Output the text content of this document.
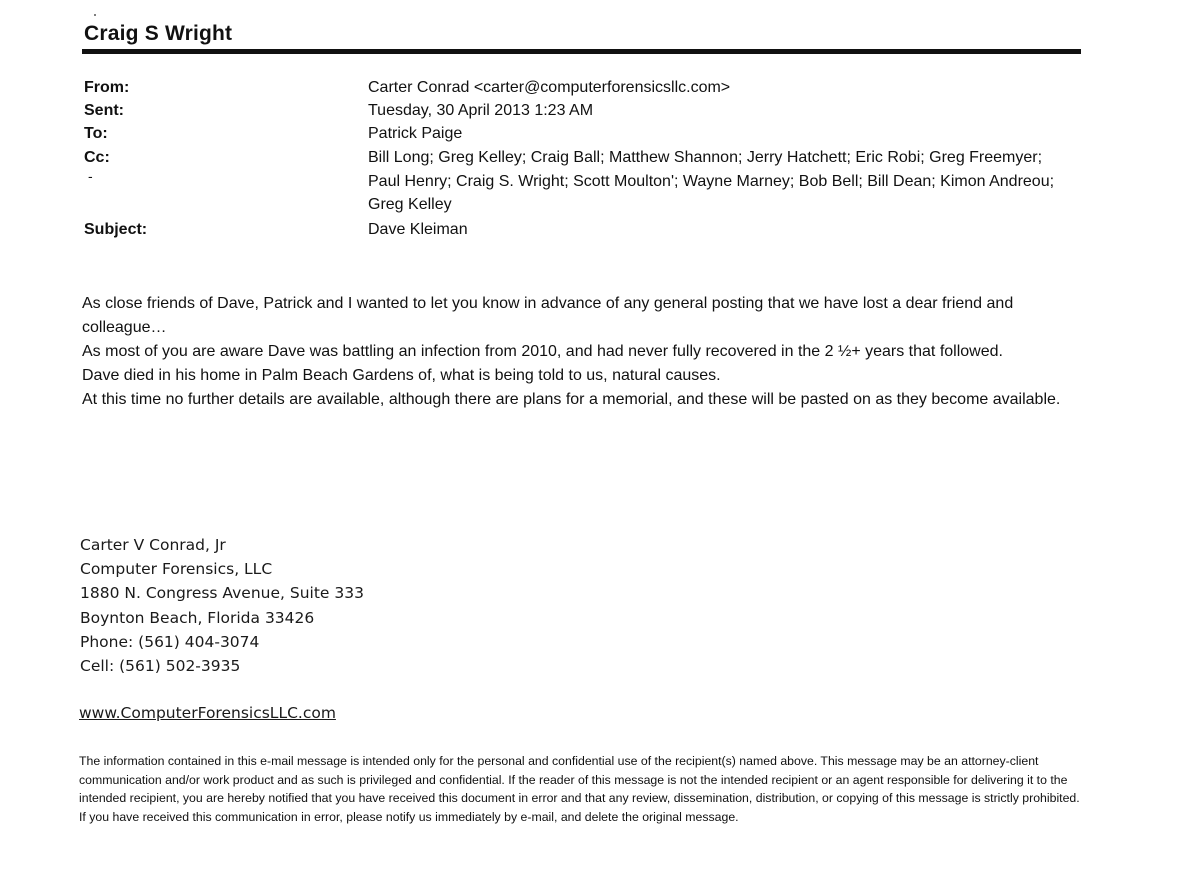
Craig S Wright
From:	Carter Conrad <carter@computerforensicsllc.com>
Sent:	Tuesday, 30 April 2013 1:23 AM
To:	Patrick Paige
Cc:	Bill Long; Greg Kelley; Craig Ball; Matthew Shannon; Jerry Hatchett; Eric Robi; Greg Freemyer; Paul Henry; Craig S. Wright; Scott Moulton'; Wayne Marney; Bob Bell; Bill Dean; Kimon Andreou; Greg Kelley
-
Subject:	Dave Kleiman

As close friends of Dave, Patrick and I wanted to let you know in advance of any general posting that we have lost a dear friend and colleague…

As most of you are aware Dave was battling an infection from 2010, and had never fully recovered in the 2 ½+ years that followed.

Dave died in his home in Palm Beach Gardens of, what is being told to us, natural causes.

At this time no further details are available, although there are plans for a memorial, and these will be pasted on as they become available.

Carter V Conrad, Jr
Computer Forensics, LLC
1880 N. Congress Avenue, Suite 333
Boynton Beach, Florida 33426
Phone: (561) 404-3074
Cell: (561) 502-3935
www.ComputerForensicsLLC.com
The information contained in this e-mail message is intended only for the personal and confidential use of the recipient(s) named above. This message may be an attorney-client communication and/or work product and as such is privileged and confidential. If the reader of this message is not the intended recipient or an agent responsible for delivering it to the intended recipient, you are hereby notified that you have received this document in error and that any review, dissemination, distribution, or copying of this message is strictly prohibited. If you have received this communication in error, please notify us immediately by e-mail, and delete the original message.
